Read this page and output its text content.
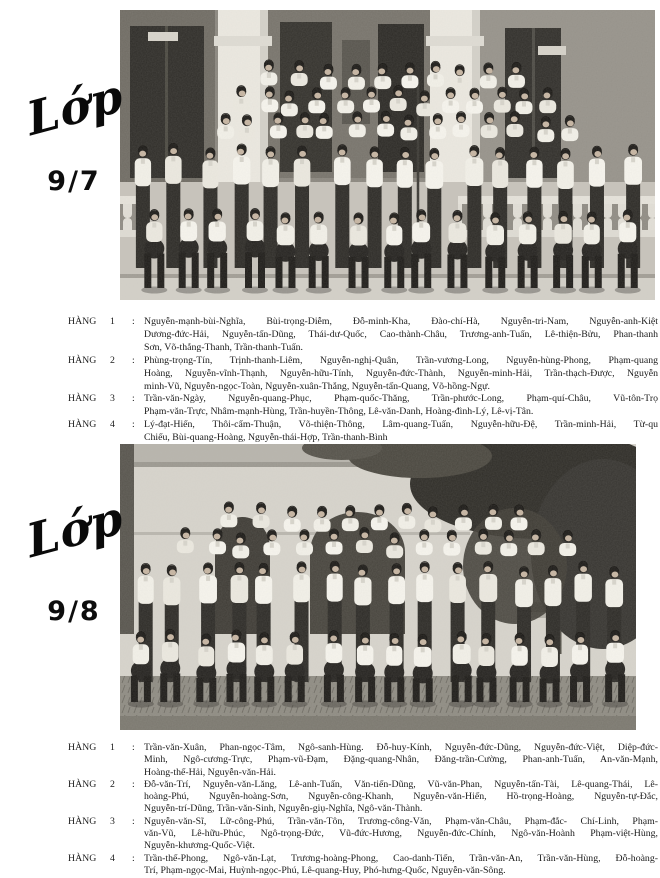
Lớp
9/7
HÀNG	1	: Nguyễn-mạnh-bùi-Nghĩa, Bùi-trọng-Diễm, Đỗ-minh-Kha, Đào-chí-Hà, Nguyễn-tri-Nam, Nguyễn-anh-Kiệt
Dương-đức-Hải, Nguyễn-tấn-Dũng, Thái-dư-Quốc, Cao-thành-Châu, Trương-anh-Tuấn, Lê-thiện-Bửu, Phan-thanh
Sơn, Võ-thắng-Thanh, Trần-thanh-Tuấn.
HÀNG	2	: Phùng-trọng-Tín, Trịnh-thanh-Liêm, Nguyễn-nghị-Quân, Trần-vương-Long, Nguyễn-hùng-Phong, Phạm-quang
Hoàng, Nguyễn-vĩnh-Thạnh, Nguyễn-hữu-Tính, Nguyễn-đức-Thành, Nguyễn-minh-Hải, Trần-thạch-Được, Nguyễn
minh-Vũ, Nguyễn-ngọc-Toàn, Nguyễn-xuân-Thắng, Nguyễn-tấn-Quang, Võ-hồng-Ngự.
HÀNG	3	: Trần-văn-Ngày, Nguyễn-quang-Phục, Phạm-quốc-Thăng, Trần-phước-Long, Phạm-quí-Châu, Vũ-tôn-Trọ
Phạm-văn-Trực, Nhâm-mạnh-Hùng, Trần-huyền-Thông, Lê-văn-Danh, Hoàng-đình-Lý, Lê-vị-Tân.
HÀNG	4	: Lý-đạt-Hiến, Thôi-cẩm-Thuận, Võ-thiện-Thông, Lâm-quang-Tuấn, Nguyễn-hữu-Đệ, Trần-minh-Hải, Từ-qu
Chiếu, Bùi-quang-Hoàng, Nguyễn-thái-Hợp, Trần-thanh-Bình
Lớp
9/8
HÀNG	1	: Trần-văn-Xuân, Phan-ngọc-Tâm, Ngô-sanh-Hùng. Đỗ-huy-Kính, Nguyễn-đức-Dũng, Nguyễn-đức-Việt, Diệp-đức-
Minh, Ngô-cương-Trực, Phạm-vũ-Đạm, Đặng-quang-Nhân, Đăng-trần-Cường, Phan-anh-Tuấn, An-văn-Mạnh,
Hoàng-thế-Hải, Nguyễn-văn-Hải.
HÀNG	2	: Đỗ-văn-Trí, Nguyễn-văn-Lăng, Lê-anh-Tuấn, Văn-tiến-Dũng, Vũ-văn-Phan, Nguyễn-tấn-Tài, Lê-quang-Thái, Lê-
hoàng-Phú, Nguyễn-hoàng-Sơn, Nguyễn-công-Khanh, Nguyễn-văn-Hiến, Hồ-trọng-Hoàng, Nguyễn-tự-Đắc,
Nguyễn-trí-Dũng, Trần-văn-Sinh, Nguyễn-giụ-Nghĩa, Ngô-văn-Thành.
HÀNG	3	: Nguyễn-văn-Sĩ, Lữ-công-Phú, Trần-văn-Tôn, Trương-công-Văn, Phạm-văn-Châu, Phạm-đắc- Chí-Linh, Phạm-
văn-Vũ, Lê-hữu-Phúc, Ngô-trọng-Đức, Vũ-đức-Hương, Nguyễn-đức-Chính, Ngô-văn-Hoành Phạm-việt-Hùng,
Nguyễn-khương-Quốc-Việt.
HÀNG	4	: Trần-thế-Phong, Ngô-văn-Lạt, Trương-hoàng-Phong, Cao-danh-Tiến, Trần-văn-An, Trần-văn-Hùng, Đỗ-hoàng-
Trí, Phạm-ngọc-Mai, Huỳnh-ngọc-Phú, Lê-quang-Huy, Phó-hưng-Quốc, Nguyễn-văn-Sông.
